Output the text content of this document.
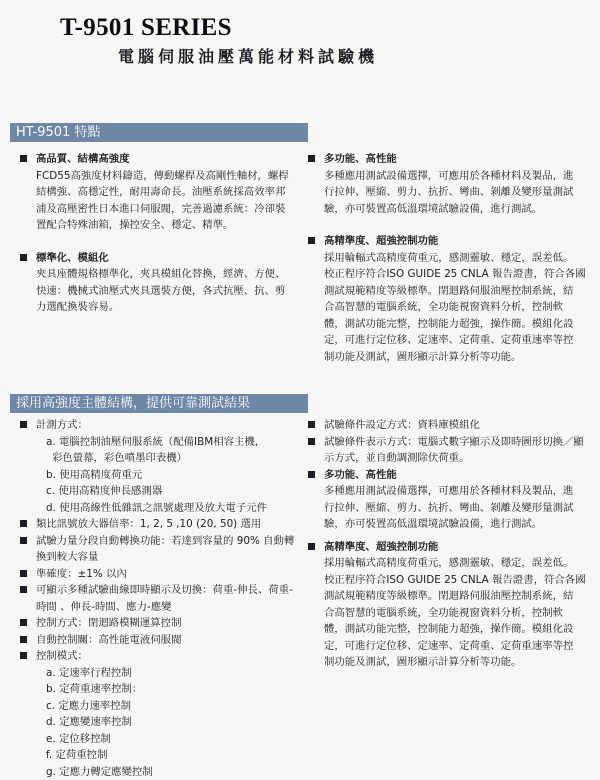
T-9501 SERIES
電腦伺服油壓萬能材料試驗機
HT-9501 特點
高品質、結構高強度
FCD55高強度材料鑄造，傳動螺桿及高剛性軸材，螺桿
結構強、高穩定性，耐用壽命長。油壓系統採高效率邦
浦及高壓密性日本進口伺服閥，完善過濾系統：冷卻裝
置配合特殊油箱，操控安全、穩定、精準。
標準化、模組化
夾具座體規格標準化，夾具模組化替換，經濟、方便、
快速：機械式油壓式夾具選裝方便，各式抗壓、抗、剪
力選配換裝容易。
多功能、高性能
多種應用測試設備選擇，可應用於各種材料及製品，進
行拉伸、壓縮、剪力、抗折、彎曲、剝離及變形量測試
驗，亦可裝置高低溫環境試驗設備，進行測試。
高精準度、超強控制功能
採用輪輻式高精度荷重元，感測靈敏、穩定，誤差低。
校正程序符合ISO GUIDE 25 CNLA 報告證書，符合各國
測試規範精度等級標準。閉迴路伺服油壓控制系統，結
合高智慧的電腦系統，全功能視窗資料分析，控制軟
體，測試功能完整，控制能力超強，操作簡。模組化設
定，可進行定位移、定速率、定荷重、定荷重速率等控
制功能及測試，圖形顯示計算分析等功能。
採用高強度主體結構，提供可靠測試結果
計測方式：
a. 電腦控制油壓伺服系統（配備IBM相容主機，
彩色螢幕，彩色噴墨印表機）
b. 使用高精度荷重元
c. 使用高精度伸長感測器
d. 使用高線性低雜訊之訊號處理及放大電子元件
類比訊號放大器倍率：1, 2, 5 ,10 (20, 50) 選用
試驗力量分段自動轉換功能：若達到容量的 90% 自動轉
換到較大容量
準確度：±1% 以內
可顯示多種試驗曲線即時顯示及切換：荷重-伸長、荷重-
時間 、伸長-時間、應力-應變
控制方式：閉迴路模糊運算控制
自動控制關：高性能電液伺服閥
控制模式：
a. 定速率行程控制
b. 定荷重速率控制：
c. 定應力速率控制
d. 定應變速率控制
e. 定位移控制
f. 定荷重控制
g. 定應力轉定應變控制
試驗條件設定方式：資料庫模組化
試驗條件表示方式：電腦式數字顯示及即時圖形切換／顯
示方式，並自動調測除伏荷重。
多功能、高性能
多種應用測試設備選擇，可應用於各種材料及製品，進
行拉伸、壓縮、剪力、抗折、彎曲、剝離及變形量測試
驗，亦可裝置高低溫環境試驗設備，進行測試。
高精準度、超強控制功能
採用輪輻式高精度荷重元，感測靈敏、穩定，誤差低。
校正程序符合ISO GUIDE 25 CNLA 報告證書，符合各國
測試規範精度等級標準。閉迴路伺服油壓控制系統，結
合高智慧的電腦系統，全功能視窗資料分析，控制軟
體，測試功能完整，控制能力超強，操作簡。模組化設
定，可進行定位移、定速率、定荷重、定荷重速率等控
制功能及測試，圖形顯示計算分析等功能。
